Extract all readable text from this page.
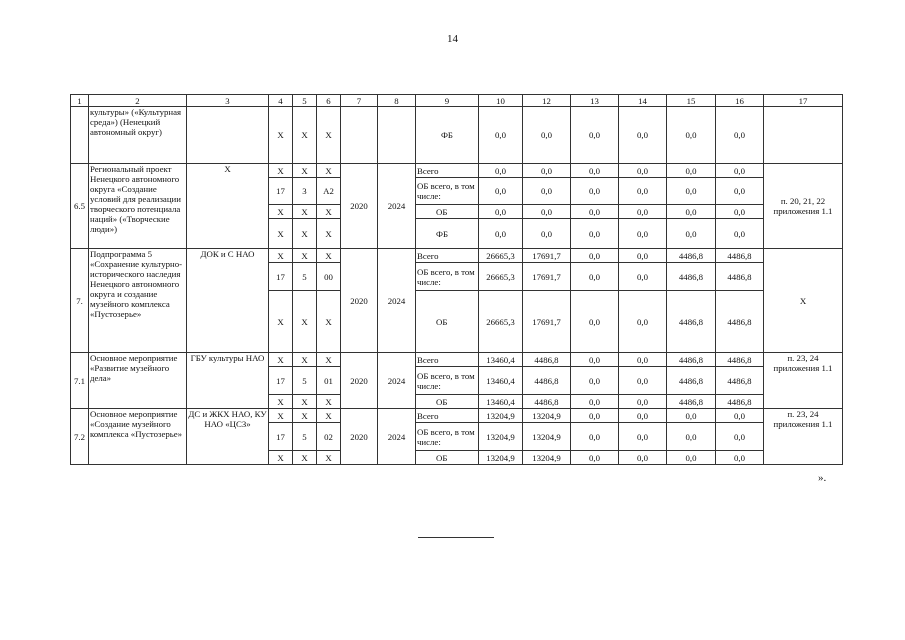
14
1	2	3	4	5	6	7	8	9	10	12	13	14	15	16	17
	культуры» («Культурная среда») (Ненецкий автономный округ)		X	X	X			ФБ	0,0	0,0	0,0	0,0	0,0	0,0	
6.5	Региональный проект Ненецкого автономного округа «Создание условий для реализации творческого потенциала наций» («Творческие люди»)	X	X	X	X	2020	2024	Всего	0,0	0,0	0,0	0,0	0,0	0,0	п. 20, 21, 22 приложения 1.1
			17	3	A2			ОБ всего, в том числе:	0,0	0,0	0,0	0,0	0,0	0,0	
			X	X	X			ОБ	0,0	0,0	0,0	0,0	0,0	0,0	
			X	X	X			ФБ	0,0	0,0	0,0	0,0	0,0	0,0	
7.	Подпрограмма 5 «Сохранение культурно-исторического наследия Ненецкого автономного округа и создание музейного комплекса «Пустозерье»	ДОК и С НАО	X	X	X	2020	2024	Всего	26665,3	17691,7	0,0	0,0	4486,8	4486,8	X
			17	5	00			ОБ всего, в том числе:	26665,3	17691,7	0,0	0,0	4486,8	4486,8	
			X	X	X			ОБ	26665,3	17691,7	0,0	0,0	4486,8	4486,8	
7.1	Основное мероприятие «Развитие музейного дела»	ГБУ культуры НАО	X	X	X	2020	2024	Всего	13460,4	4486,8	0,0	0,0	4486,8	4486,8	п. 23, 24 приложения 1.1
			17	5	01			ОБ всего, в том числе:	13460,4	4486,8	0,0	0,0	4486,8	4486,8	
			X	X	X			ОБ	13460,4	4486,8	0,0	0,0	4486,8	4486,8	
7.2	Основное мероприятие «Создание музейного комплекса «Пустозерье»	ДС и ЖКХ НАО, КУ НАО «ЦСЗ»	X	X	X	2020	2024	Всего	13204,9	13204,9	0,0	0,0	0,0	0,0	п. 23, 24 приложения 1.1
			17	5	02			ОБ всего, в том числе:	13204,9	13204,9	0,0	0,0	0,0	0,0	
			X	X	X			ОБ	13204,9	13204,9	0,0	0,0	0,0	0,0	
».
